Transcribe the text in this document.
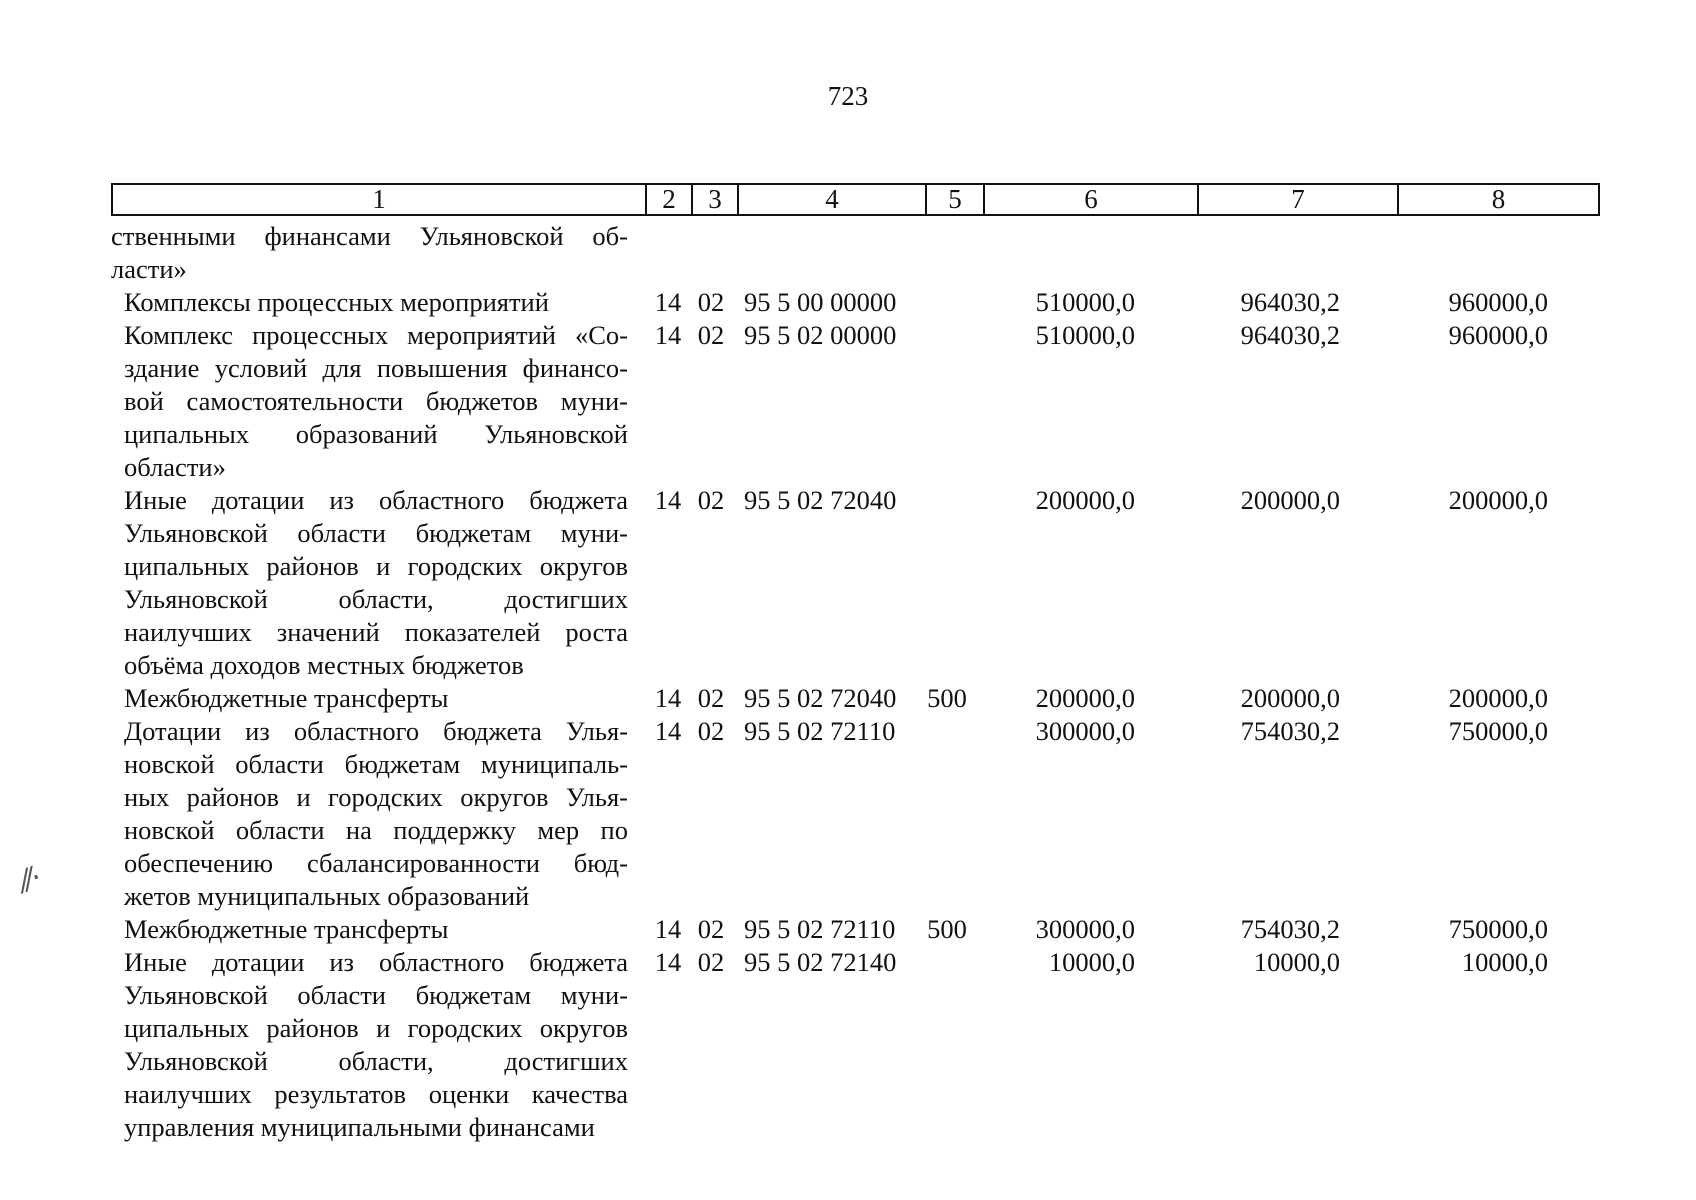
723
1	2	3	4	5	6	7	8
ственными финансами Ульяновской об-
ласти»
Комплексы процессных мероприятий	14 02 95 5 00 00000	510000,0	964030,2	960000,0
Комплекс процессных мероприятий «Со-
здание условий для повышения финансо-
вой самостоятельности бюджетов муни-
ципальных образований Ульяновской
области»
14 02 95 5 02 00000	510000,0	964030,2	960000,0
Иные дотации из областного бюджета
Ульяновской области бюджетам муни-
ципальных районов и городских округов
Ульяновской области, достигших
наилучших значений показателей роста
объёма доходов местных бюджетов
14 02 95 5 02 72040	200000,0	200000,0	200000,0
Межбюджетные трансферты	14 02 95 5 02 72040	500	200000,0	200000,0	200000,0
Дотации из областного бюджета Улья-
новской области бюджетам муниципаль-
ных районов и городских округов Улья-
новской области на поддержку мер по
обеспечению сбалансированности бюд-
жетов муниципальных образований
14 02 95 5 02 72110	300000,0	754030,2	750000,0
Межбюджетные трансферты	14 02 95 5 02 72110	500	300000,0	754030,2	750000,0
Иные дотации из областного бюджета
Ульяновской области бюджетам муни-
ципальных районов и городских округов
Ульяновской области, достигших
наилучших результатов оценки качества
управления муниципальными финансами
14 02 95 5 02 72140	10000,0	10000,0	10000,0
⁄⁄·
